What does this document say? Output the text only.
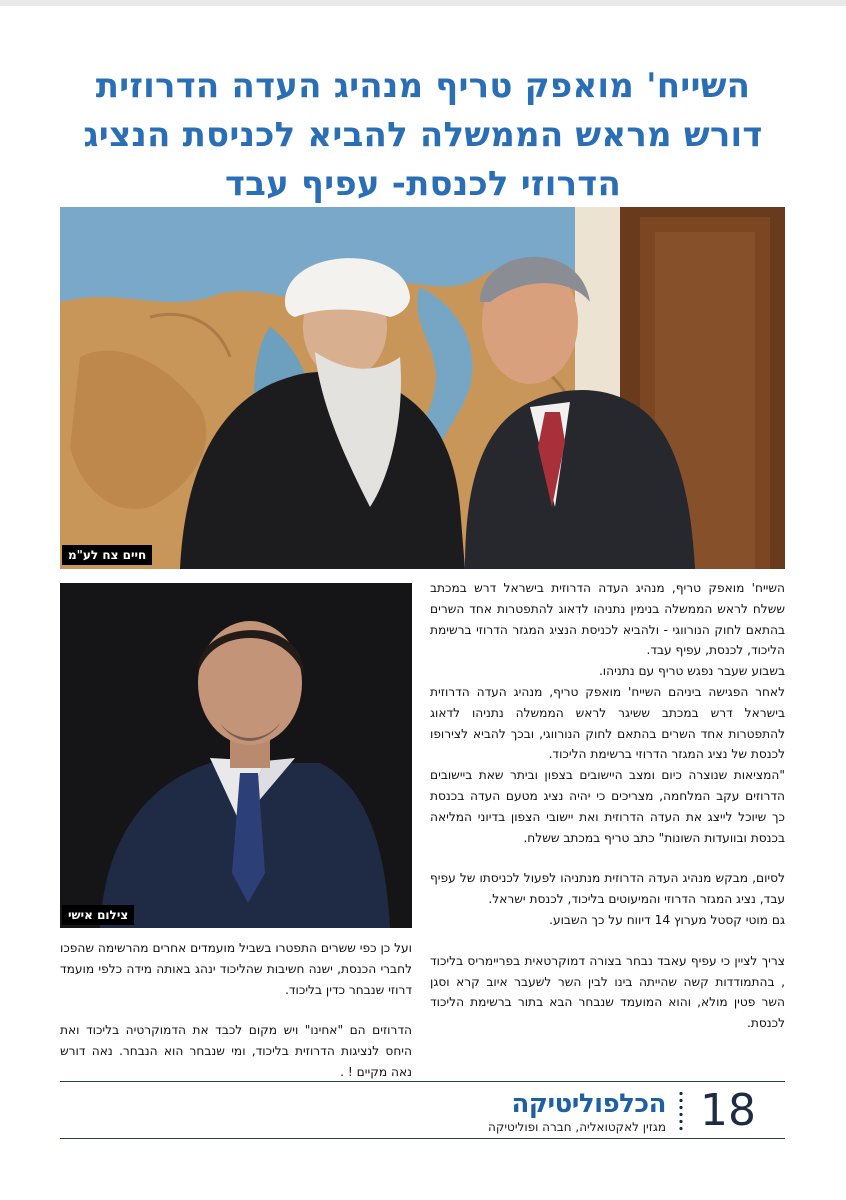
השייח' מואפק טריף מנהיג העדה הדרוזית
דורש מראש הממשלה להביא לכניסת הנציג
הדרוזי לכנסת- עפיף עבד
חיים צח לע"מ
צילום אישי

השייח' מואפק טריף, מנהיג העדה הדרוזית בישראל דרש במכתב ששלח לראש הממשלה בנימין נתניהו לדאוג להתפטרות אחד השרים בהתאם לחוק הנורווגי - ולהביא לכניסת הנציג המגזר הדרוזי ברשימת הליכוד, לכנסת, עפיף עבד.

בשבוע שעבר נפגש טריף עם נתניהו.

לאחר הפגישה ביניהם השייח' מואפק טריף, מנהיג העדה הדרוזית בישראל דרש במכתב ששיגר לראש הממשלה נתניהו לדאוג להתפטרות אחד השרים בהתאם לחוק הנורווגי, ובכך להביא לצירופו לכנסת של נציג המגזר הדרוזי ברשימת הליכוד.

"המציאות שנוצרה כיום ומצב היישובים בצפון וביתר שאת ביישובים הדרוזים עקב המלחמה, מצריכים כי יהיה נציג מטעם העדה בכנסת כך שיוכל לייצג את העדה הדרוזית ואת יישובי הצפון בדיוני המליאה בכנסת ובוועדות השונות" כתב טריף במכתב ששלח.

לסיום, מבקש מנהיג העדה הדרוזית מנתניהו לפעול לכניסתו של עפיף עבד, נציג המגזר הדרוזי והמיעוטים בליכוד, לכנסת ישראל.

גם מוטי קסטל מערוץ 14 דיווח על כך השבוע.

צריך לציין כי עפיף עאבד נבחר בצורה דמוקרטאית בפריימריס בליכוד , בהתמודדות קשה שהייתה בינו לבין השר לשעבר איוב קרא וסגן השר פטין מולא, והוא המועמד שנבחר הבא בתור ברשימת הליכוד לכנסת.

ועל כן כפי ששרים התפטרו בשביל מועמדים אחרים מהרשימה שהפכו לחברי הכנסת, ישנה חשיבות שהליכוד ינהג באותה מידה כלפי מועמד דרוזי שנבחר כדין בליכוד.

הדרוזים הם "אחינו" ויש מקום לכבד את הדמוקרטיה בליכוד ואת היחס לנציגות הדרוזית בליכוד, ומי שנבחר הוא הנבחר. נאה דורש נאה מקיים ! .

18
הכלפוליטיקה
מגזין לאקטואליה, חברה ופוליטיקה
